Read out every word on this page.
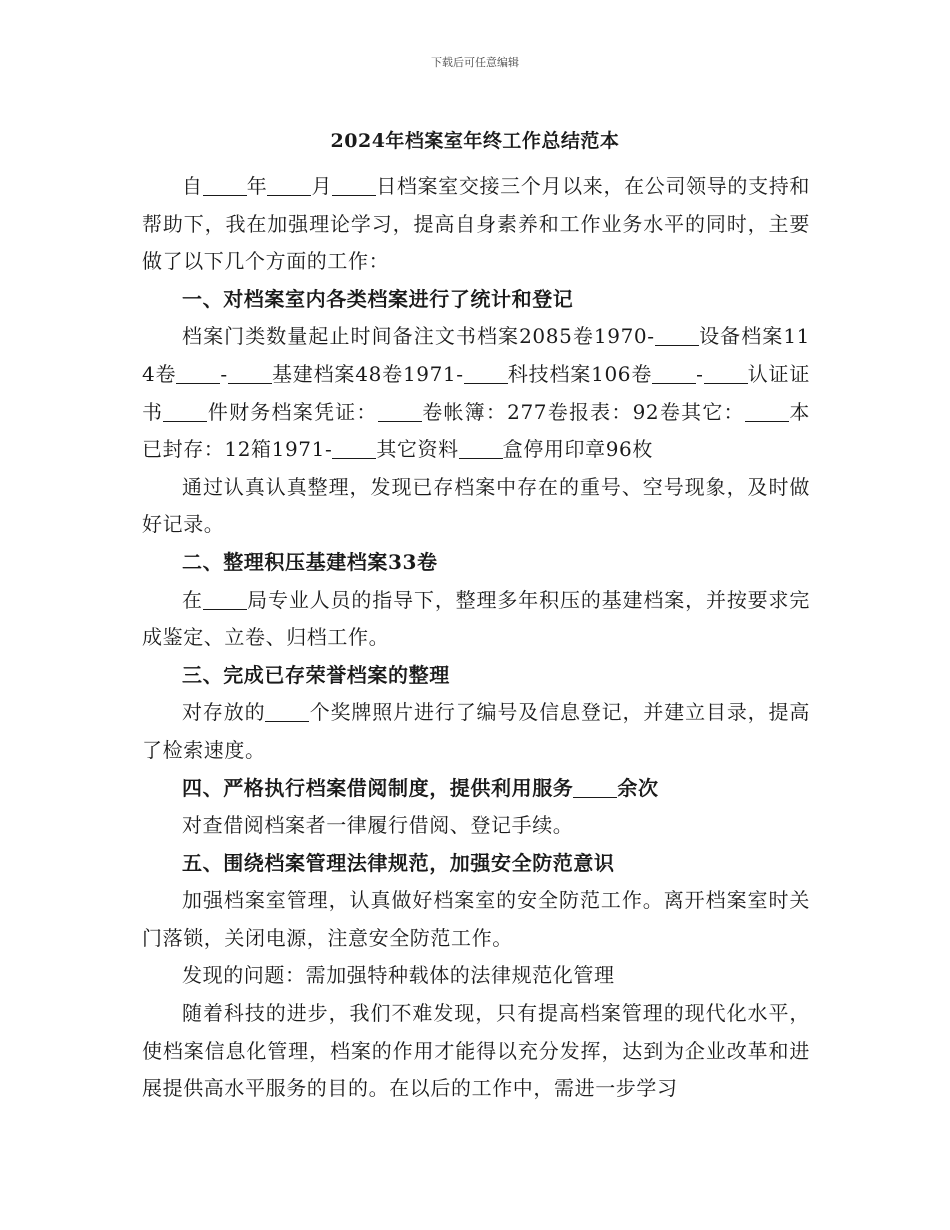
下载后可任意编辑
2024年档案室年终工作总结范本

自 年 月 日档案室交接三个月以来，在公司领导的支持和帮助下，我在加强理论学习，提高自身素养和工作业务水平的同时，主要做了以下几个方面的工作：

一、对档案室内各类档案进行了统计和登记

档案门类数量起止时间备注文书档案2085卷1970- 设备档案114卷 - 基建档案48卷1971- 科技档案106卷 - 认证证书 件财务档案凭证： 卷帐簿：277卷报表：92卷其它： 本已封存：12箱1971- 其它资料 盒停用印章96枚

通过认真认真整理，发现已存档案中存在的重号、空号现象，及时做好记录。

二、整理积压基建档案33卷

在 局专业人员的指导下，整理多年积压的基建档案，并按要求完成鉴定、立卷、归档工作。

三、完成已存荣誉档案的整理

对存放的 个奖牌照片进行了编号及信息登记，并建立目录，提高了检索速度。

四、严格执行档案借阅制度，提供利用服务 余次

对查借阅档案者一律履行借阅、登记手续。

五、围绕档案管理法律规范，加强安全防范意识

加强档案室管理，认真做好档案室的安全防范工作。离开档案室时关门落锁，关闭电源，注意安全防范工作。

发现的问题：需加强特种载体的法律规范化管理

随着科技的进步，我们不难发现，只有提高档案管理的现代化水平，使档案信息化管理，档案的作用才能得以充分发挥，达到为企业改革和进展提供高水平服务的目的。在以后的工作中，需进一步学习
